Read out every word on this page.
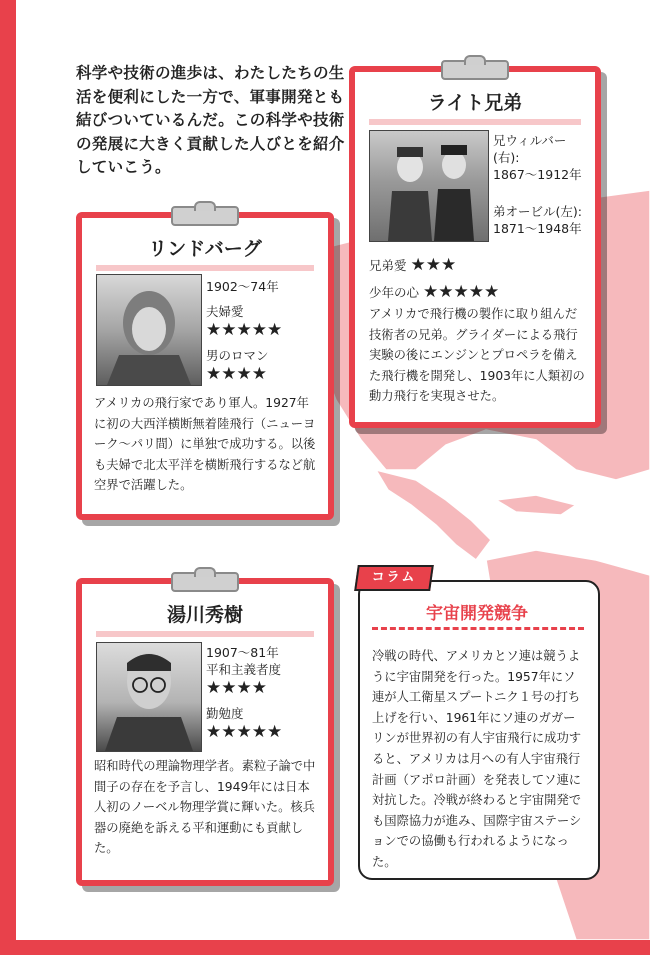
科学や技術の進歩は、わたしたちの生活を便利にした一方で、軍事開発とも結びついているんだ。この科学や技術の発展に大きく貢献した人びとを紹介していこう。
ライト兄弟
兄ウィルバー(右):
1867〜1912年
弟オービル(左):
1871〜1948年
兄弟愛 ★★★
少年の心 ★★★★★
アメリカで飛行機の製作に取り組んだ技術者の兄弟。グライダーによる飛行実験の後にエンジンとプロペラを備えた飛行機を開発し、1903年に人類初の動力飛行を実現させた。
リンドバーグ
1902〜74年
夫婦愛
★★★★★
男のロマン
★★★★
アメリカの飛行家であり軍人。1927年に初の大西洋横断無着陸飛行（ニューヨーク〜パリ間）に単独で成功する。以後も夫婦で北太平洋を横断飛行するなど航空界で活躍した。
湯川秀樹
1907〜81年
平和主義者度
★★★★
勤勉度
★★★★★
昭和時代の理論物理学者。素粒子論で中間子の存在を予言し、1949年には日本人初のノーベル物理学賞に輝いた。核兵器の廃絶を訴える平和運動にも貢献した。
コラム
宇宙開発競争
冷戦の時代、アメリカとソ連は競うように宇宙開発を行った。1957年にソ連が人工衛星スプートニク１号の打ち上げを行い、1961年にソ連のガガーリンが世界初の有人宇宙飛行に成功すると、アメリカは月への有人宇宙飛行計画（アポロ計画）を発表してソ連に対抗した。冷戦が終わると宇宙開発でも国際協力が進み、国際宇宙ステーションでの協働も行われるようになった。
